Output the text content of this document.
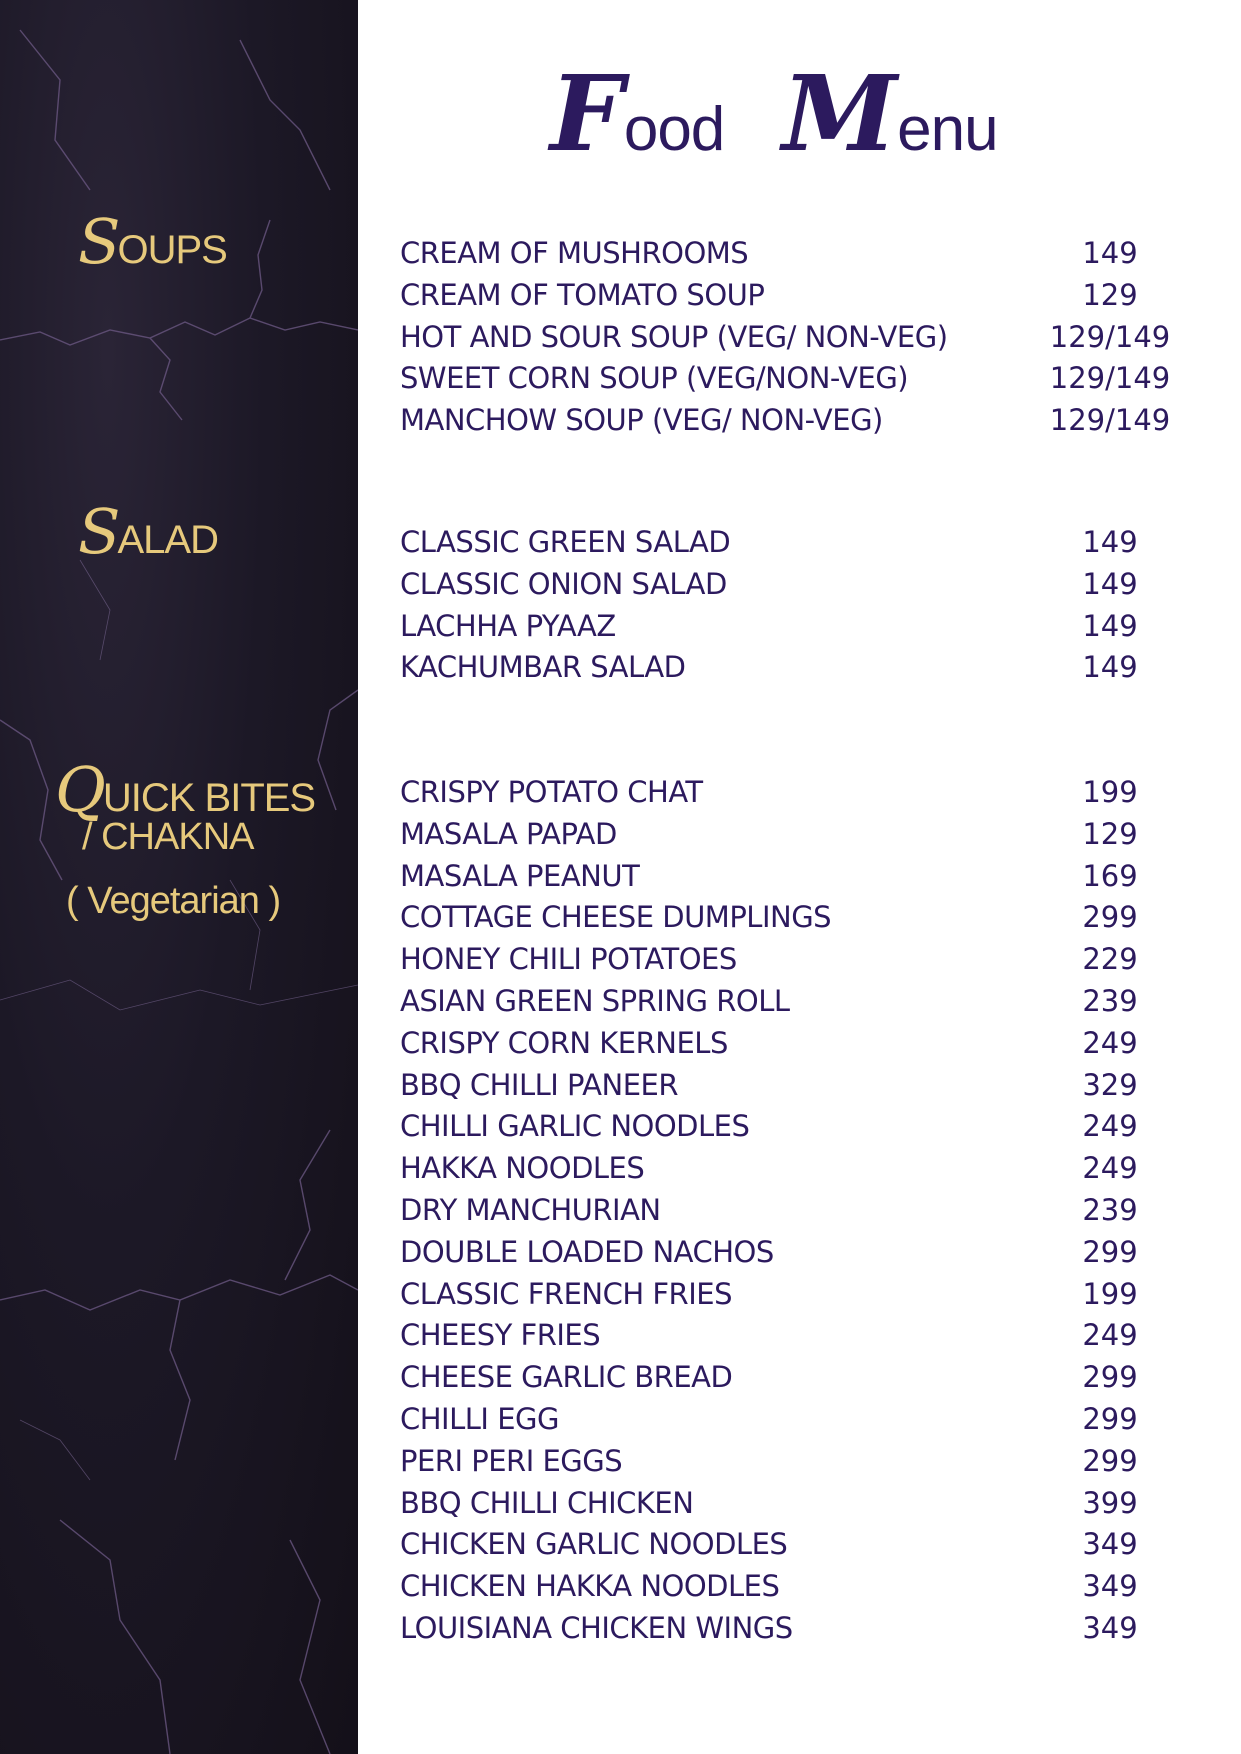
SOUPS
SALAD
QUICK BITES
/ CHAKNA
( Vegetarian )
Food Menu
CREAM OF MUSHROOMS	149
CREAM OF TOMATO SOUP	129
HOT AND SOUR SOUP (VEG/ NON-VEG)	129/149
SWEET CORN SOUP (VEG/NON-VEG)	129/149
MANCHOW SOUP (VEG/ NON-VEG)	129/149
CLASSIC GREEN SALAD	149
CLASSIC ONION SALAD	149
LACHHA PYAAZ	149
KACHUMBAR SALAD	149
CRISPY POTATO CHAT	199
MASALA PAPAD	129
MASALA PEANUT	169
COTTAGE CHEESE DUMPLINGS	299
HONEY CHILI POTATOES	229
ASIAN GREEN SPRING ROLL	239
CRISPY CORN KERNELS	249
BBQ CHILLI PANEER	329
CHILLI GARLIC NOODLES	249
HAKKA NOODLES	249
DRY MANCHURIAN	239
DOUBLE LOADED NACHOS	299
CLASSIC FRENCH FRIES	199
CHEESY FRIES	249
CHEESE GARLIC BREAD	299
CHILLI EGG	299
PERI PERI EGGS	299
BBQ CHILLI CHICKEN	399
CHICKEN GARLIC NOODLES	349
CHICKEN HAKKA NOODLES	349
LOUISIANA CHICKEN WINGS	349
